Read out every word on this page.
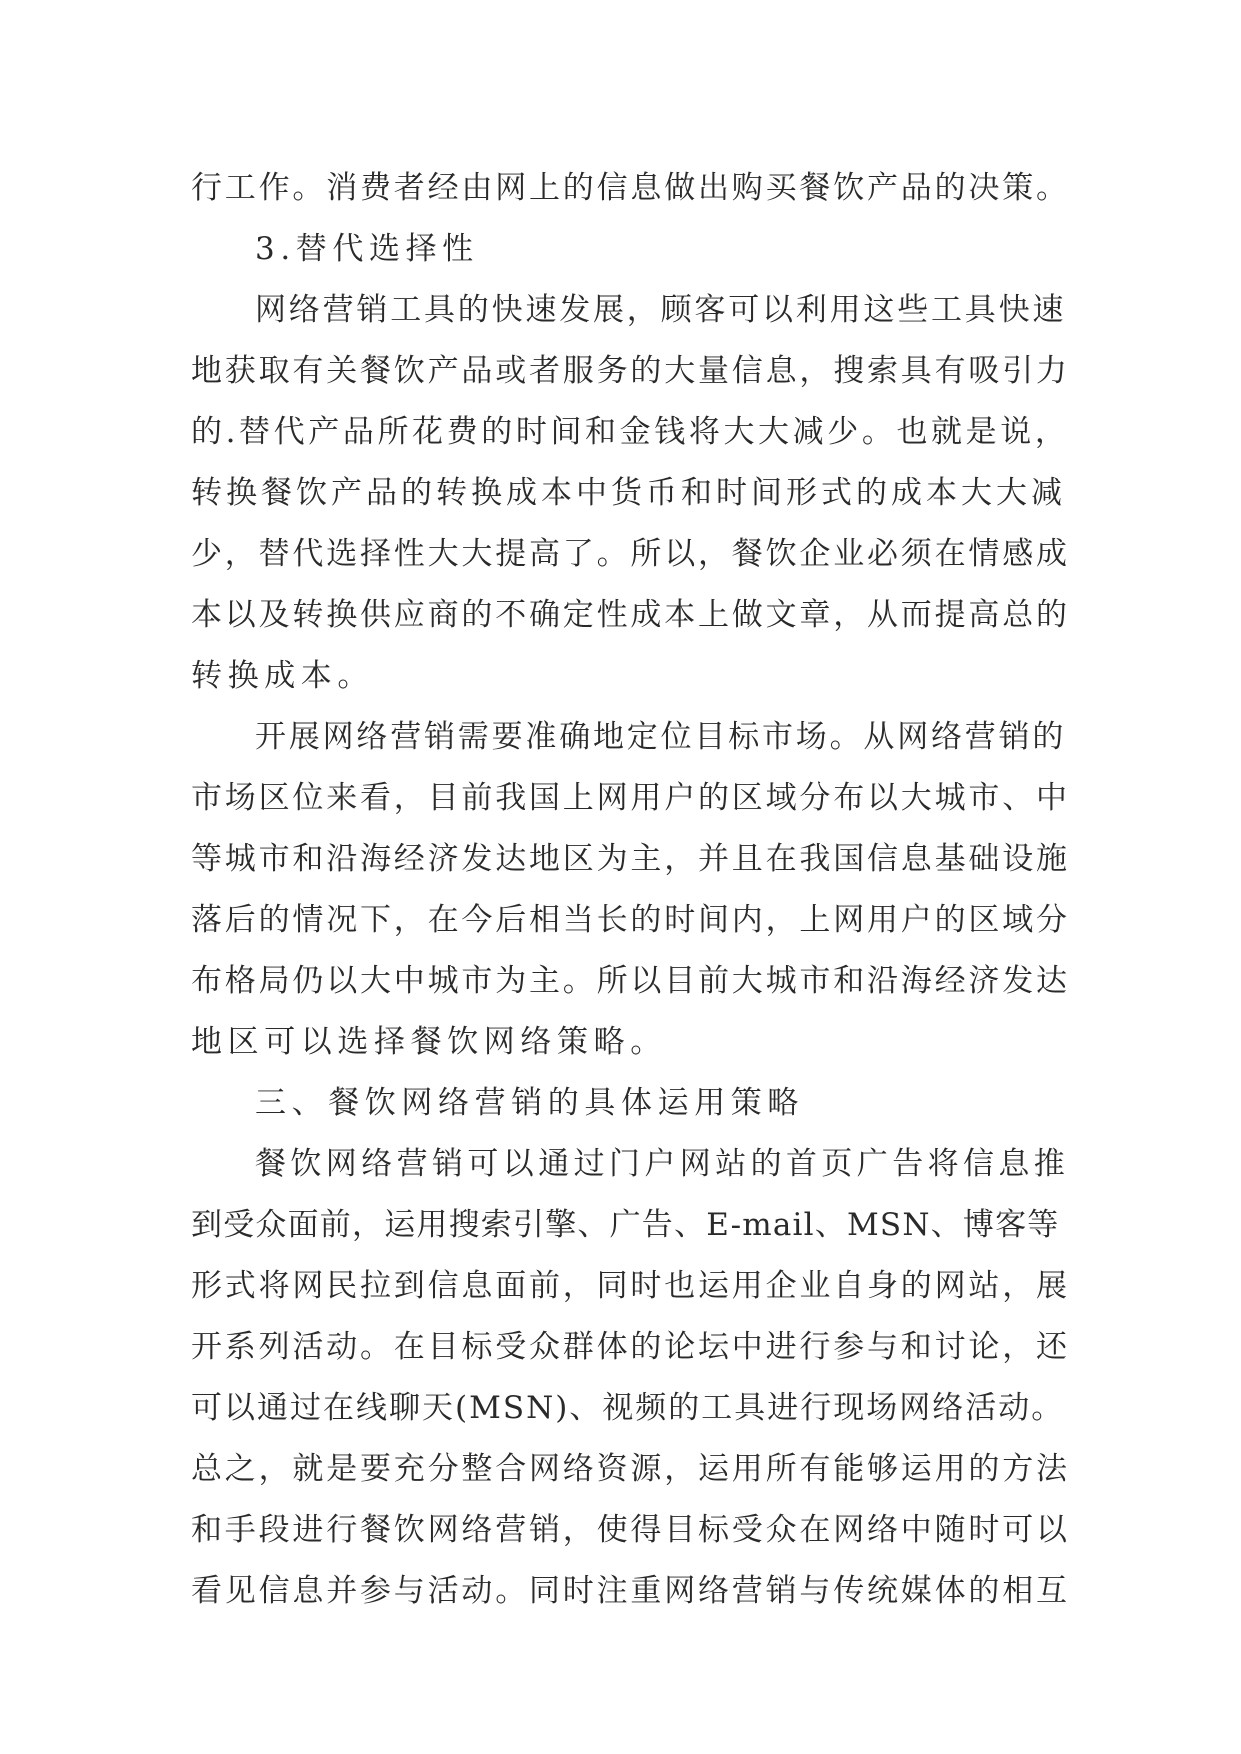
行工作。消费者经由网上的信息做出购买餐饮产品的决策。
3.替代选择性
网络营销工具的快速发展，顾客可以利用这些工具快速
地获取有关餐饮产品或者服务的大量信息，搜索具有吸引力
的.替代产品所花费的时间和金钱将大大减少。也就是说，
转换餐饮产品的转换成本中货币和时间形式的成本大大减
少，替代选择性大大提高了。所以，餐饮企业必须在情感成
本以及转换供应商的不确定性成本上做文章，从而提高总的
转换成本。
开展网络营销需要准确地定位目标市场。从网络营销的
市场区位来看，目前我国上网用户的区域分布以大城市、中
等城市和沿海经济发达地区为主，并且在我国信息基础设施
落后的情况下，在今后相当长的时间内，上网用户的区域分
布格局仍以大中城市为主。所以目前大城市和沿海经济发达
地区可以选择餐饮网络策略。
三、餐饮网络营销的具体运用策略
餐饮网络营销可以通过门户网站的首页广告将信息推
到受众面前，运用搜索引擎、广告、E-mail、MSN、博客等
形式将网民拉到信息面前，同时也运用企业自身的网站，展
开系列活动。在目标受众群体的论坛中进行参与和讨论，还
可以通过在线聊天(MSN)、视频的工具进行现场网络活动。
总之，就是要充分整合网络资源，运用所有能够运用的方法
和手段进行餐饮网络营销，使得目标受众在网络中随时可以
看见信息并参与活动。同时注重网络营销与传统媒体的相互
